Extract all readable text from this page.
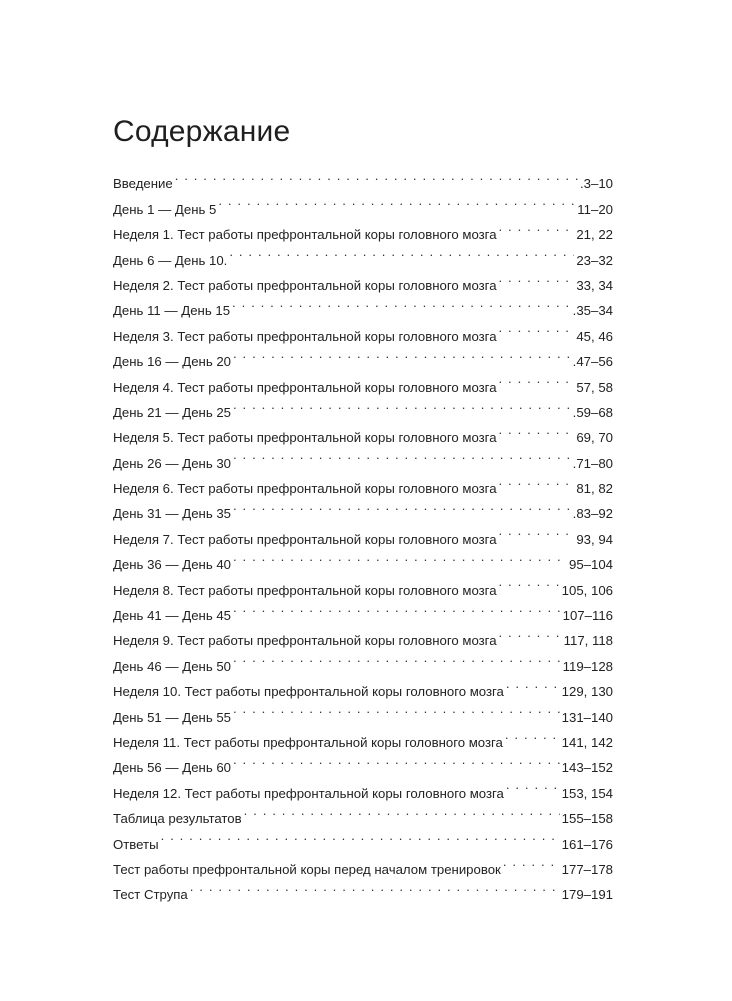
Содержание
Введение . . .	.3–10
День 1 — День 5 . . .	11–20
Неделя 1. Тест работы префронтальной коры головного мозга . . .	21, 22
День 6 — День 10. . . .	23–32
Неделя 2. Тест работы префронтальной коры головного мозга . . .	33, 34
День 11 — День 15 . . .	.35–34
Неделя 3. Тест работы префронтальной коры головного мозга . . .	45, 46
День 16 — День 20 . . .	.47–56
Неделя 4. Тест работы префронтальной коры головного мозга . . .	57, 58
День 21 — День 25 . . .	.59–68
Неделя 5. Тест работы префронтальной коры головного мозга . . .	69, 70
День 26 — День 30 . . .	.71–80
Неделя 6. Тест работы префронтальной коры головного мозга . . .	81, 82
День 31 — День 35 . . .	.83–92
Неделя 7. Тест работы префронтальной коры головного мозга . . .	93, 94
День 36 — День 40 . . .	95–104
Неделя 8. Тест работы префронтальной коры головного мозга . . .	105, 106
День 41 — День 45 . . .	107–116
Неделя 9. Тест работы префронтальной коры головного мозга . . .	117, 118
День 46 — День 50 . . .	119–128
Неделя 10. Тест работы префронтальной коры головного мозга . . .	129, 130
День 51 — День 55 . . .	131–140
Неделя 11. Тест работы префронтальной коры головного мозга . . .	141, 142
День 56 — День 60 . . .	143–152
Неделя 12. Тест работы префронтальной коры головного мозга . . .	153, 154
Таблица результатов . . .	155–158
Ответы . . .	161–176
Тест работы префронтальной коры перед началом тренировок . . .	177–178
Тест Струпа . . .	179–191
